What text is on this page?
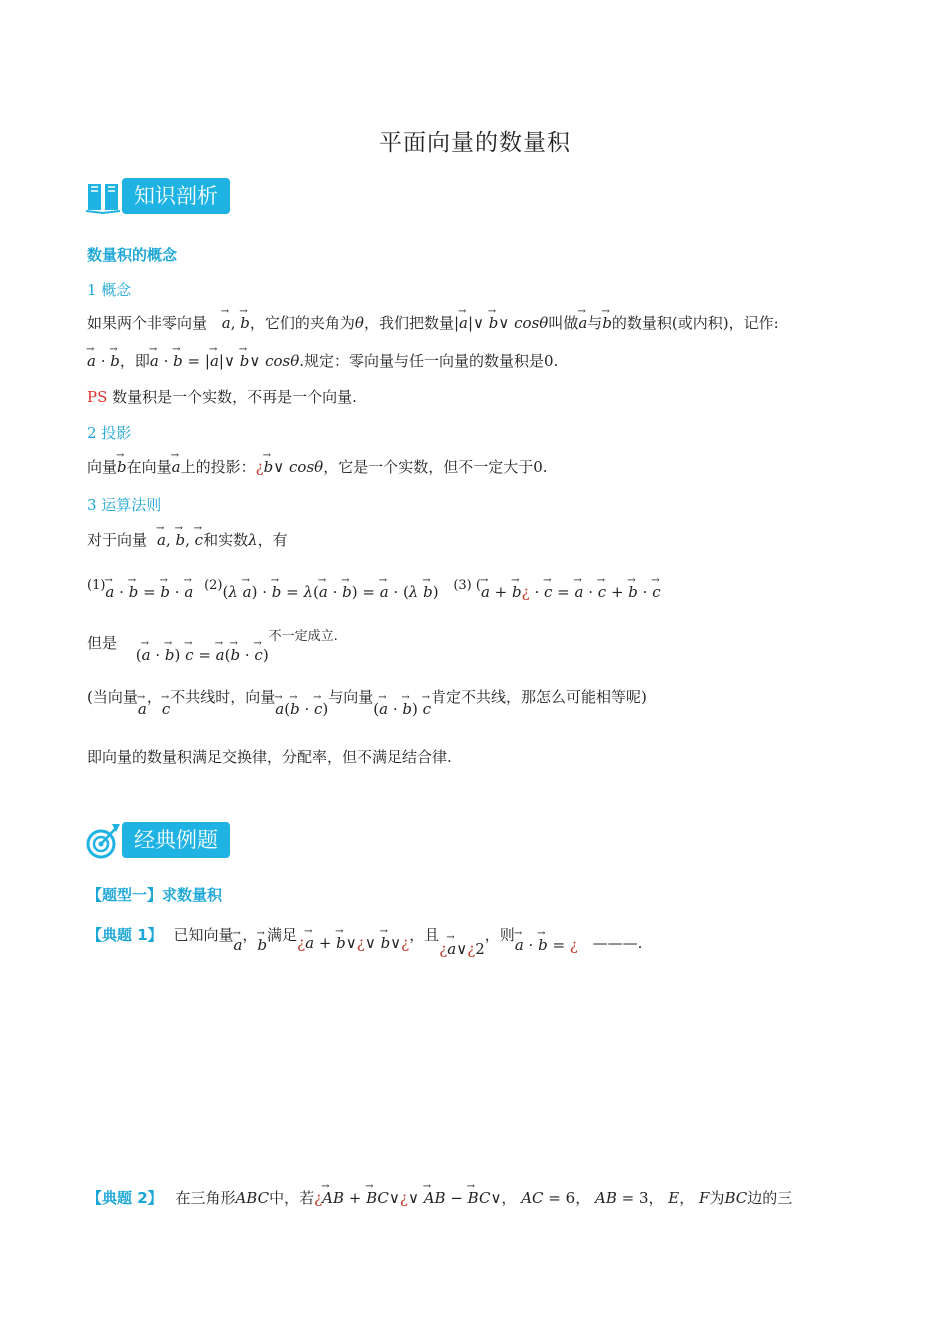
平面向量的数量积
知识剖析
数量积的概念
1 概念
如果两个非零向量 → a, → b，它们的夹角为θ，我们把数量|→ a|∨ → b∨ cosθ叫做→ a与→ b的数量积(或内积)，记作:
→ a · → b，即→ a · → b = |→ a|∨ → b∨ cosθ.规定：零向量与任一向量的数量积是0.
PS 数量积是一个实数，不再是一个向量.
2 投影
向量→ b在向量→ a上的投影：¿→ b∨ cosθ，它是一个实数，但不一定大于0.
3 运算法则
对于向量 → a, → b, → c和实数λ，有
(1)→ a · → b = → b · → a (2)(λ → a) · → b = λ(→ a · → b) = → a · (λ → b) (3) (→ a + → b¿ · → c = → a · → c + → b · → c
但是 (→ a · → b) → c = → a(→ b · → c)不一定成立.
(当向量→ a，→ c不共线时，向量→ a(→ b · → c)与向量(→ a · → b) → c肯定不共线，那怎么可能相等呢)
即向量的数量积满足交换律，分配率，但不满足结合律.
经典例题
【题型一】求数量积
【典题 1】 已知向量→ a，→ b满足¿→ a + → b∨¿∨ → b∨¿，且¿→ a∨¿2，则→ a · → b = ¿ ———.
【典题 2】 在三角形ABC中，若¿→ AB + → BC∨¿∨ → AB − → BC∨， AC = 6， AB = 3， E， F为BC边的三
